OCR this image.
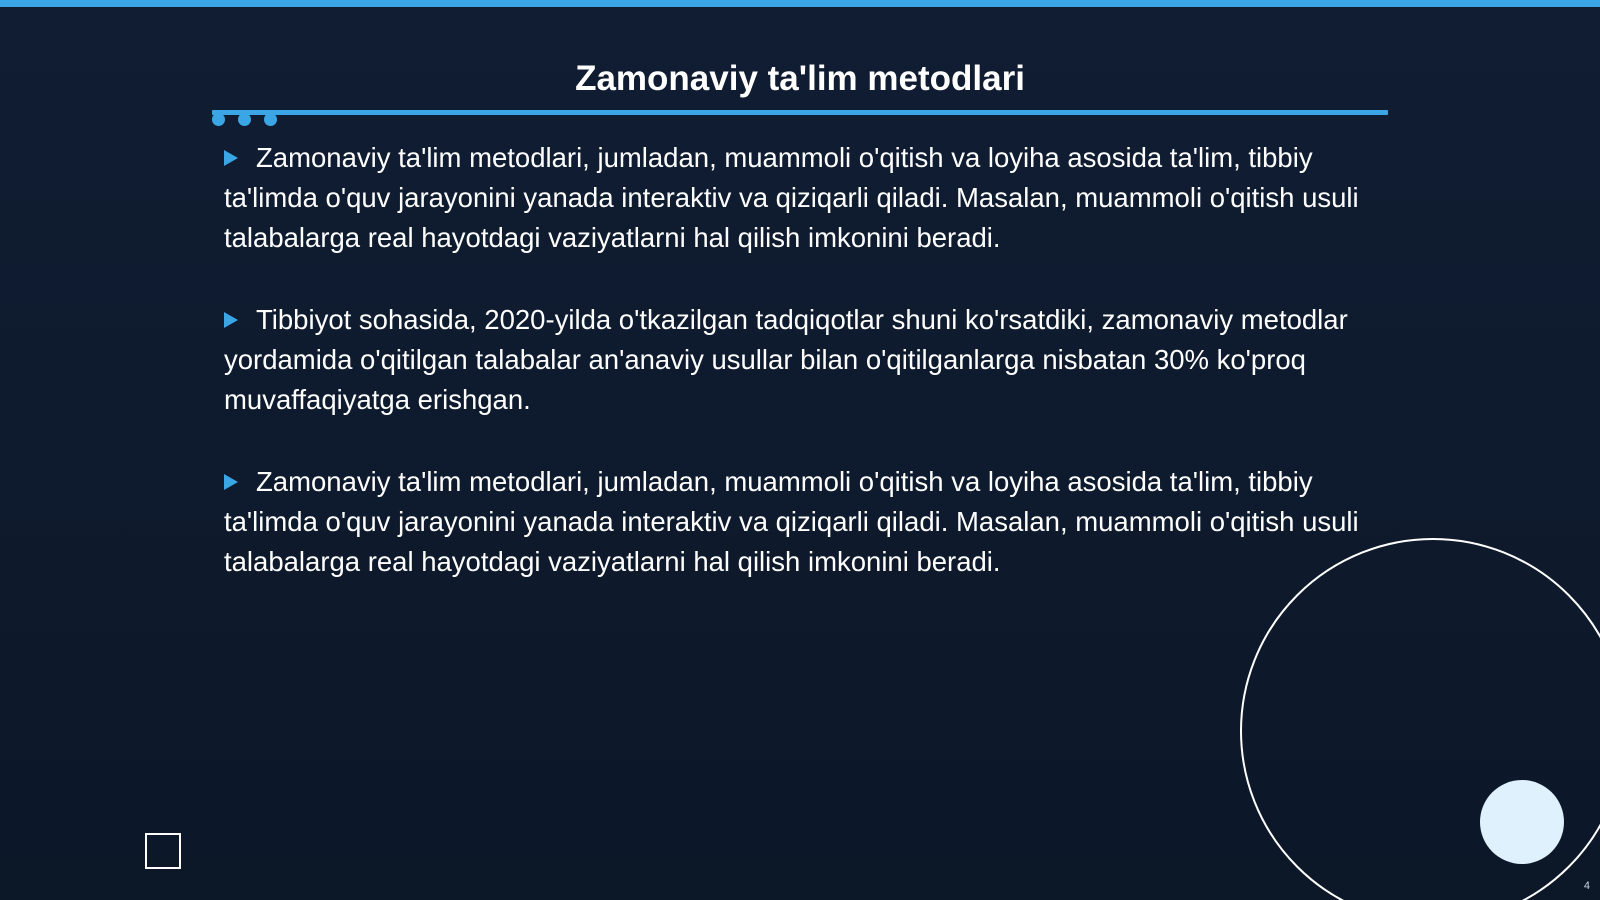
Zamonaviy ta'lim metodlari
Zamonaviy ta'lim metodlari, jumladan, muammoli o'qitish va loyiha asosida ta'lim, tibbiy ta'limda o'quv jarayonini yanada interaktiv va qiziqarli qiladi. Masalan, muammoli o'qitish usuli talabalarga real hayotdagi vaziyatlarni hal qilish imkonini beradi.
Tibbiyot sohasida, 2020-yilda o'tkazilgan tadqiqotlar shuni ko'rsatdiki, zamonaviy metodlar yordamida o'qitilgan talabalar an'anaviy usullar bilan o'qitilganlarga nisbatan 30% ko'proq muvaffaqiyatga erishgan.
Zamonaviy ta'lim metodlari, jumladan, muammoli o'qitish va loyiha asosida ta'lim, tibbiy ta'limda o'quv jarayonini yanada interaktiv va qiziqarli qiladi. Masalan, muammoli o'qitish usuli talabalarga real hayotdagi vaziyatlarni hal qilish imkonini beradi.
4
